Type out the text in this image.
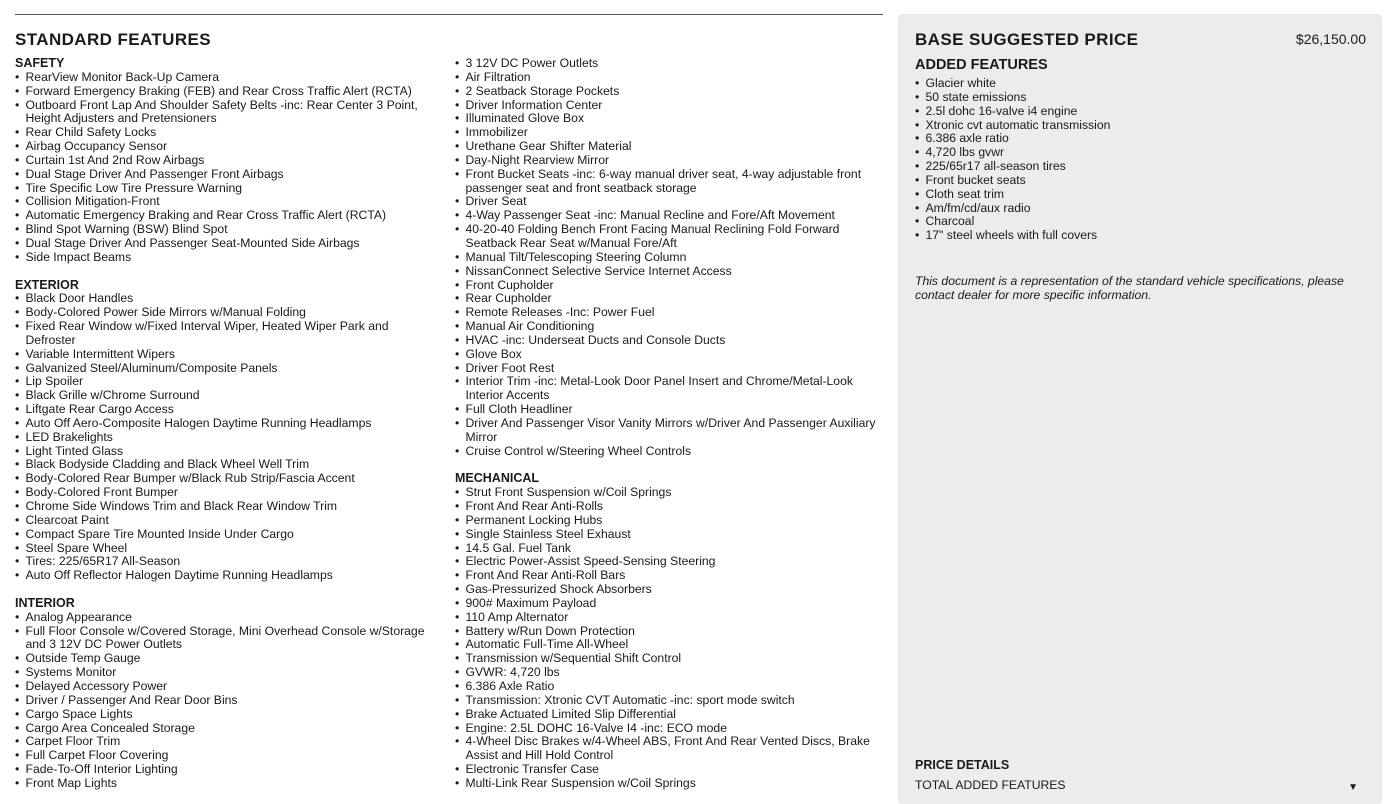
STANDARD FEATURES
SAFETY
• RearView Monitor Back-Up Camera
• Forward Emergency Braking (FEB) and Rear Cross Traffic Alert (RCTA)
• Outboard Front Lap And Shoulder Safety Belts -inc: Rear Center 3 Point, Height Adjusters and Pretensioners
• Rear Child Safety Locks
• Airbag Occupancy Sensor
• Curtain 1st And 2nd Row Airbags
• Dual Stage Driver And Passenger Front Airbags
• Tire Specific Low Tire Pressure Warning
• Collision Mitigation-Front
• Automatic Emergency Braking and Rear Cross Traffic Alert (RCTA)
• Blind Spot Warning (BSW) Blind Spot
• Dual Stage Driver And Passenger Seat-Mounted Side Airbags
• Side Impact Beams
EXTERIOR
• Black Door Handles
• Body-Colored Power Side Mirrors w/Manual Folding
• Fixed Rear Window w/Fixed Interval Wiper, Heated Wiper Park and Defroster
• Variable Intermittent Wipers
• Galvanized Steel/Aluminum/Composite Panels
• Lip Spoiler
• Black Grille w/Chrome Surround
• Liftgate Rear Cargo Access
• Auto Off Aero-Composite Halogen Daytime Running Headlamps
• LED Brakelights
• Light Tinted Glass
• Black Bodyside Cladding and Black Wheel Well Trim
• Body-Colored Rear Bumper w/Black Rub Strip/Fascia Accent
• Body-Colored Front Bumper
• Chrome Side Windows Trim and Black Rear Window Trim
• Clearcoat Paint
• Compact Spare Tire Mounted Inside Under Cargo
• Steel Spare Wheel
• Tires: 225/65R17 All-Season
• Auto Off Reflector Halogen Daytime Running Headlamps
INTERIOR
• Analog Appearance
• Full Floor Console w/Covered Storage, Mini Overhead Console w/Storage and 3 12V DC Power Outlets
• Outside Temp Gauge
• Systems Monitor
• Delayed Accessory Power
• Driver / Passenger And Rear Door Bins
• Cargo Space Lights
• Cargo Area Concealed Storage
• Carpet Floor Trim
• Full Carpet Floor Covering
• Fade-To-Off Interior Lighting
• Front Map Lights
• 3 12V DC Power Outlets
• Air Filtration
• 2 Seatback Storage Pockets
• Driver Information Center
• Illuminated Glove Box
• Immobilizer
• Urethane Gear Shifter Material
• Day-Night Rearview Mirror
• Front Bucket Seats -inc: 6-way manual driver seat, 4-way adjustable front passenger seat and front seatback storage
• Driver Seat
• 4-Way Passenger Seat -inc: Manual Recline and Fore/Aft Movement
• 40-20-40 Folding Bench Front Facing Manual Reclining Fold Forward Seatback Rear Seat w/Manual Fore/Aft
• Manual Tilt/Telescoping Steering Column
• NissanConnect Selective Service Internet Access
• Front Cupholder
• Rear Cupholder
• Remote Releases -Inc: Power Fuel
• Manual Air Conditioning
• HVAC -inc: Underseat Ducts and Console Ducts
• Glove Box
• Driver Foot Rest
• Interior Trim -inc: Metal-Look Door Panel Insert and Chrome/Metal-Look Interior Accents
• Full Cloth Headliner
• Driver And Passenger Visor Vanity Mirrors w/Driver And Passenger Auxiliary Mirror
• Cruise Control w/Steering Wheel Controls
MECHANICAL
• Strut Front Suspension w/Coil Springs
• Front And Rear Anti-Rolls
• Permanent Locking Hubs
• Single Stainless Steel Exhaust
• 14.5 Gal. Fuel Tank
• Electric Power-Assist Speed-Sensing Steering
• Front And Rear Anti-Roll Bars
• Gas-Pressurized Shock Absorbers
• 900# Maximum Payload
• 110 Amp Alternator
• Battery w/Run Down Protection
• Automatic Full-Time All-Wheel
• Transmission w/Sequential Shift Control
• GVWR: 4,720 lbs
• 6.386 Axle Ratio
• Transmission: Xtronic CVT Automatic -inc: sport mode switch
• Brake Actuated Limited Slip Differential
• Engine: 2.5L DOHC 16-Valve I4 -inc: ECO mode
• 4-Wheel Disc Brakes w/4-Wheel ABS, Front And Rear Vented Discs, Brake Assist and Hill Hold Control
• Electronic Transfer Case
• Multi-Link Rear Suspension w/Coil Springs
BASE SUGGESTED PRICE	$26,150.00
ADDED FEATURES
• Glacier white
• 50 state emissions
• 2.5l dohc 16-valve i4 engine
• Xtronic cvt automatic transmission
• 6.386 axle ratio
• 4,720 lbs gvwr
• 225/65r17 all-season tires
• Front bucket seats
• Cloth seat trim
• Am/fm/cd/aux radio
• Charcoal
• 17" steel wheels with full covers
This document is a representation of the standard vehicle specifications, please contact dealer for more specific information.
PRICE DETAILS
TOTAL ADDED FEATURES	▼
